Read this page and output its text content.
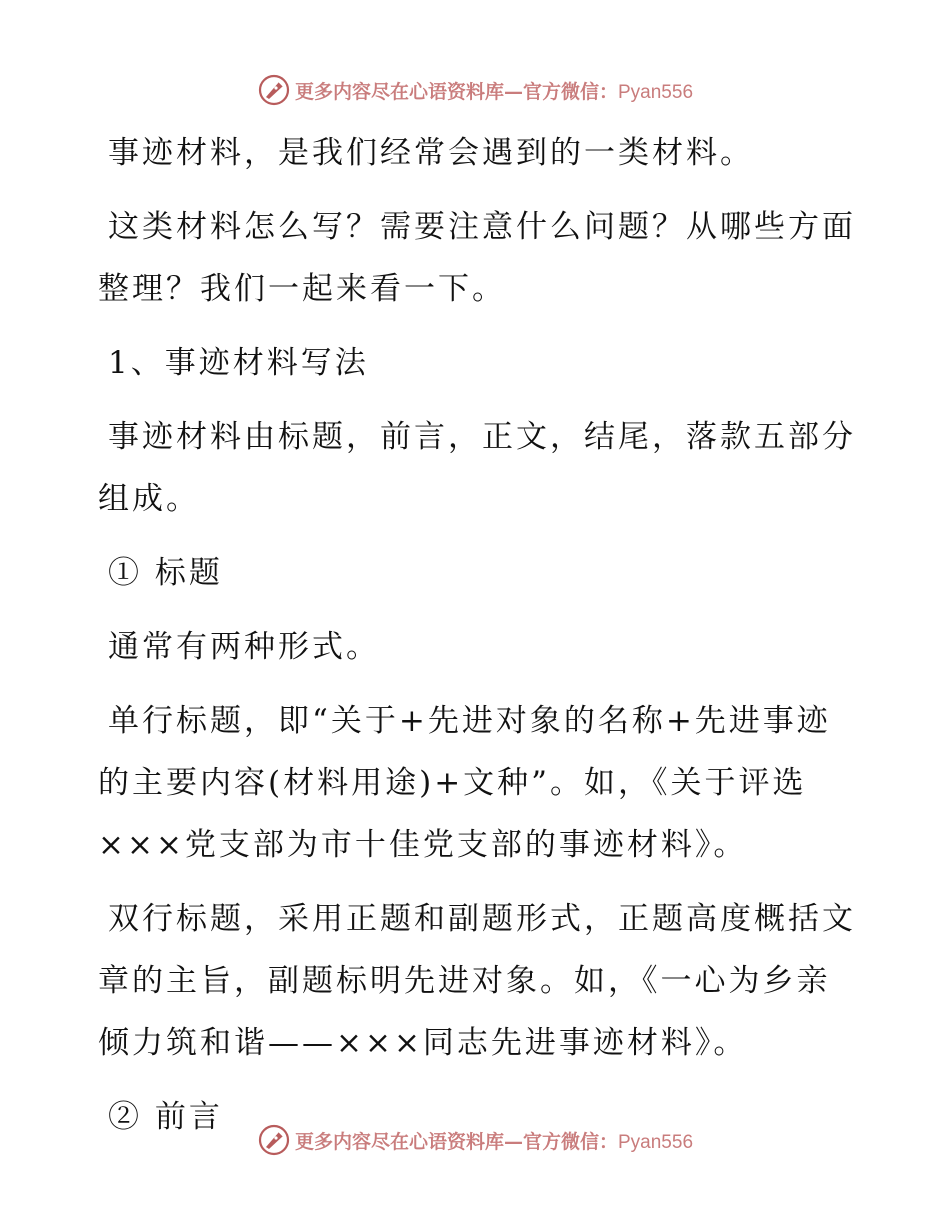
更多内容尽在心语资料库—官方微信：Pyan556

事迹材料，是我们经常会遇到的一类材料。

这类材料怎么写？需要注意什么问题？从哪些方面整理？我们一起来看一下。

1、事迹材料写法

事迹材料由标题，前言，正文，结尾，落款五部分组成。

① 标题

通常有两种形式。

单行标题，即“关于+先进对象的名称+先进事迹的主要内容(材料用途)+文种”。如，《关于评选×××党支部为市十佳党支部的事迹材料》。

双行标题，采用正题和副题形式，正题高度概括文章的主旨，副题标明先进对象。如，《一心为乡亲倾力筑和谐——×××同志先进事迹材料》。

② 前言

更多内容尽在心语资料库—官方微信：Pyan556
